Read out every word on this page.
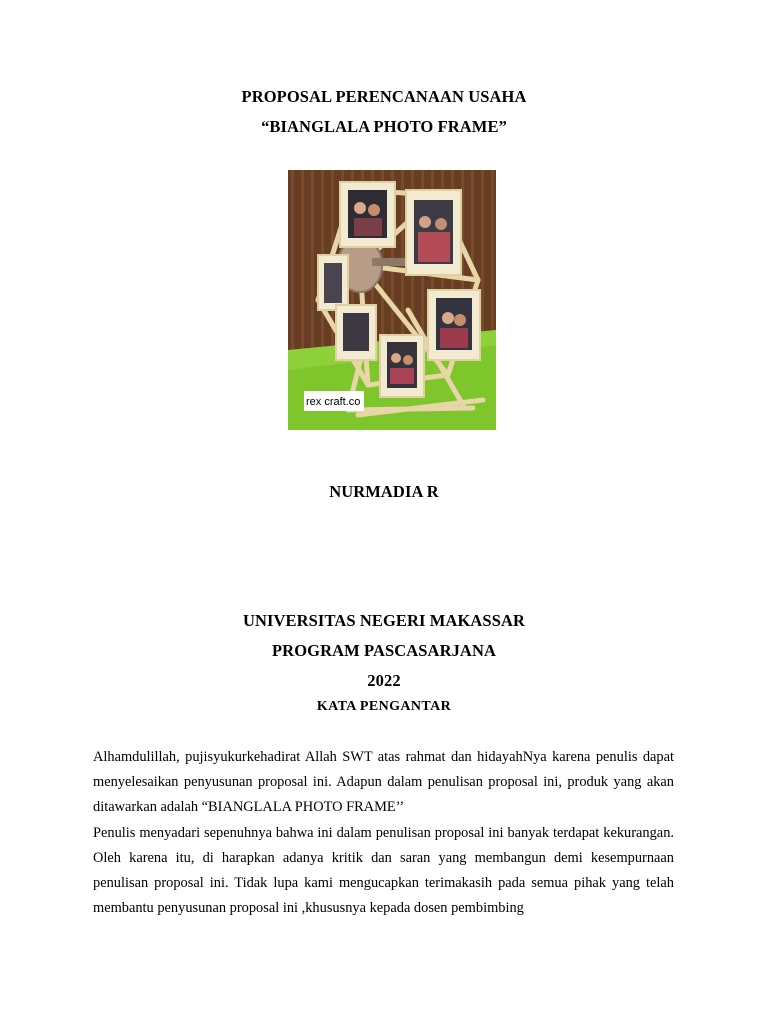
PROPOSAL PERENCANAAN USAHA
“BIANGLALA PHOTO FRAME”
rex craft.co
NURMADIA R
UNIVERSITAS NEGERI MAKASSAR
PROGRAM PASCASARJANA
2022
KATA PENGANTAR

Alhamdulillah, pujisyukurkehadirat Allah SWT atas rahmat dan hidayahNya karena penulis dapat menyelesaikan penyusunan proposal ini. Adapun dalam penulisan proposal ini, produk yang akan ditawarkan adalah “BIANGLALA PHOTO FRAME’’

Penulis menyadari sepenuhnya bahwa ini dalam penulisan proposal ini banyak terdapat kekurangan. Oleh karena itu, di harapkan adanya kritik dan saran yang membangun demi kesempurnaan penulisan proposal ini. Tidak lupa kami mengucapkan terimakasih pada semua pihak yang telah membantu penyusunan proposal ini ,khususnya kepada dosen pembimbing
